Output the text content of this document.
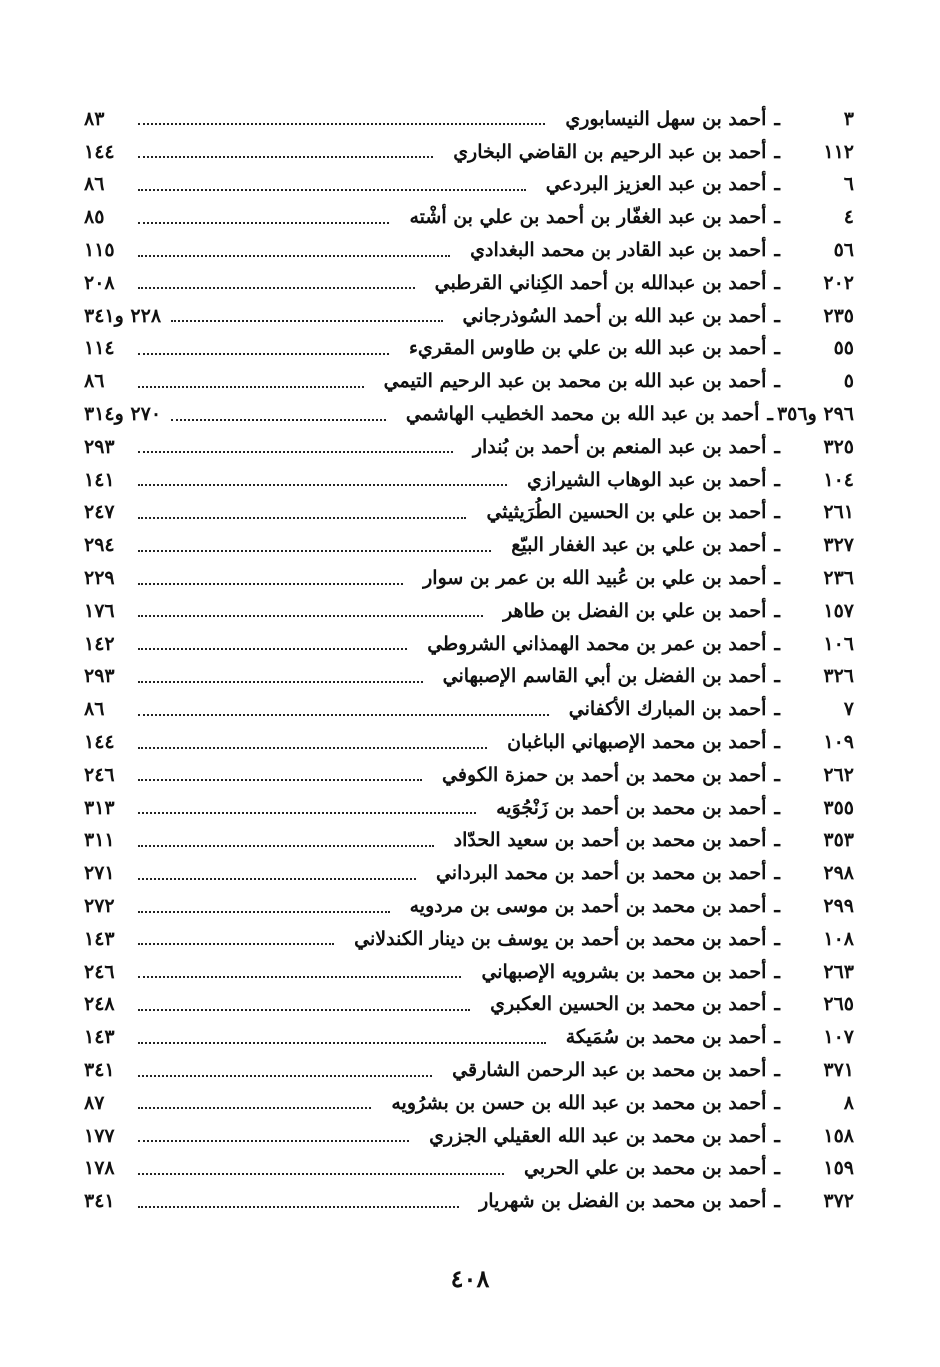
٣
ـ
أحمد بن سهل النيسابوري
٨٣
١١٢
ـ
أحمد بن عبد الرحيم بن القاضي البخاري
١٤٤
٦
ـ
أحمد بن عبد العزيز البردعي
٨٦
٤
ـ
أحمد بن عبد الغفّار بن أحمد بن علي بن أشْته
٨٥
٥٦
ـ
أحمد بن عبد القادر بن محمد البغدادي
١١٥
٢٠٢
ـ
أحمد بن عبدالله بن أحمد الكِناني القرطبي
٢٠٨
٢٣٥
ـ
أحمد بن عبد الله بن أحمد السُوذرجاني
٢٢٨ و٣٤١
٥٥
ـ
أحمد بن عبد الله بن علي بن طاوس المقريء
١١٤
٥
ـ
أحمد بن عبد الله بن محمد بن عبد الرحيم التيمي
٨٦
٢٩٦ و٣٥٦
ـ
أحمد بن عبد الله بن محمد الخطيب الهاشمي
٢٧٠ و٣١٤
٣٢٥
ـ
أحمد بن عبد المنعم بن أحمد بن بُندار
٢٩٣
١٠٤
ـ
أحمد بن عبد الوهاب الشيرازي
١٤١
٢٦١
ـ
أحمد بن علي بن الحسين الطُرَيثيثي
٢٤٧
٣٢٧
ـ
أحمد بن علي بن عبد الغفار البيّع
٢٩٤
٢٣٦
ـ
أحمد بن علي بن عُبيد الله بن عمر بن سوار
٢٢٩
١٥٧
ـ
أحمد بن علي بن الفضل بن طاهر
١٧٦
١٠٦
ـ
أحمد بن عمر بن محمد الهمذاني الشروطي
١٤٢
٣٢٦
ـ
أحمد بن الفضل بن أبي القاسم الإصبهاني
٢٩٣
٧
ـ
أحمد بن المبارك الأكفاني
٨٦
١٠٩
ـ
أحمد بن محمد الإصبهاني الباغبان
١٤٤
٢٦٢
ـ
أحمد بن محمد بن أحمد بن حمزة الكوفي
٢٤٦
٣٥٥
ـ
أحمد بن محمد بن أحمد بن زَنْجُوَيه
٣١٣
٣٥٣
ـ
أحمد بن محمد بن أحمد بن سعيد الحدّاد
٣١١
٢٩٨
ـ
أحمد بن محمد بن أحمد بن محمد البرداني
٢٧١
٢٩٩
ـ
أحمد بن محمد بن أحمد بن موسى بن مردويه
٢٧٢
١٠٨
ـ
أحمد بن محمد بن أحمد بن يوسف بن دينار الكندلاني
١٤٣
٢٦٣
ـ
أحمد بن محمد بن بشرويه الإصبهاني
٢٤٦
٢٦٥
ـ
أحمد بن محمد بن الحسين العكبري
٢٤٨
١٠٧
ـ
أحمد بن محمد بن سُمَيكة
١٤٣
٣٧١
ـ
أحمد بن محمد بن عبد الرحمن الشارقي
٣٤١
٨
ـ
أحمد بن محمد بن عبد الله بن حسن بن بشرُويه
٨٧
١٥٨
ـ
أحمد بن محمد بن عبد الله العقيلي الجزري
١٧٧
١٥٩
ـ
أحمد بن محمد بن علي الحربي
١٧٨
٣٧٢
ـ
أحمد بن محمد بن الفضل بن شهريار
٣٤١
٤٠٨
